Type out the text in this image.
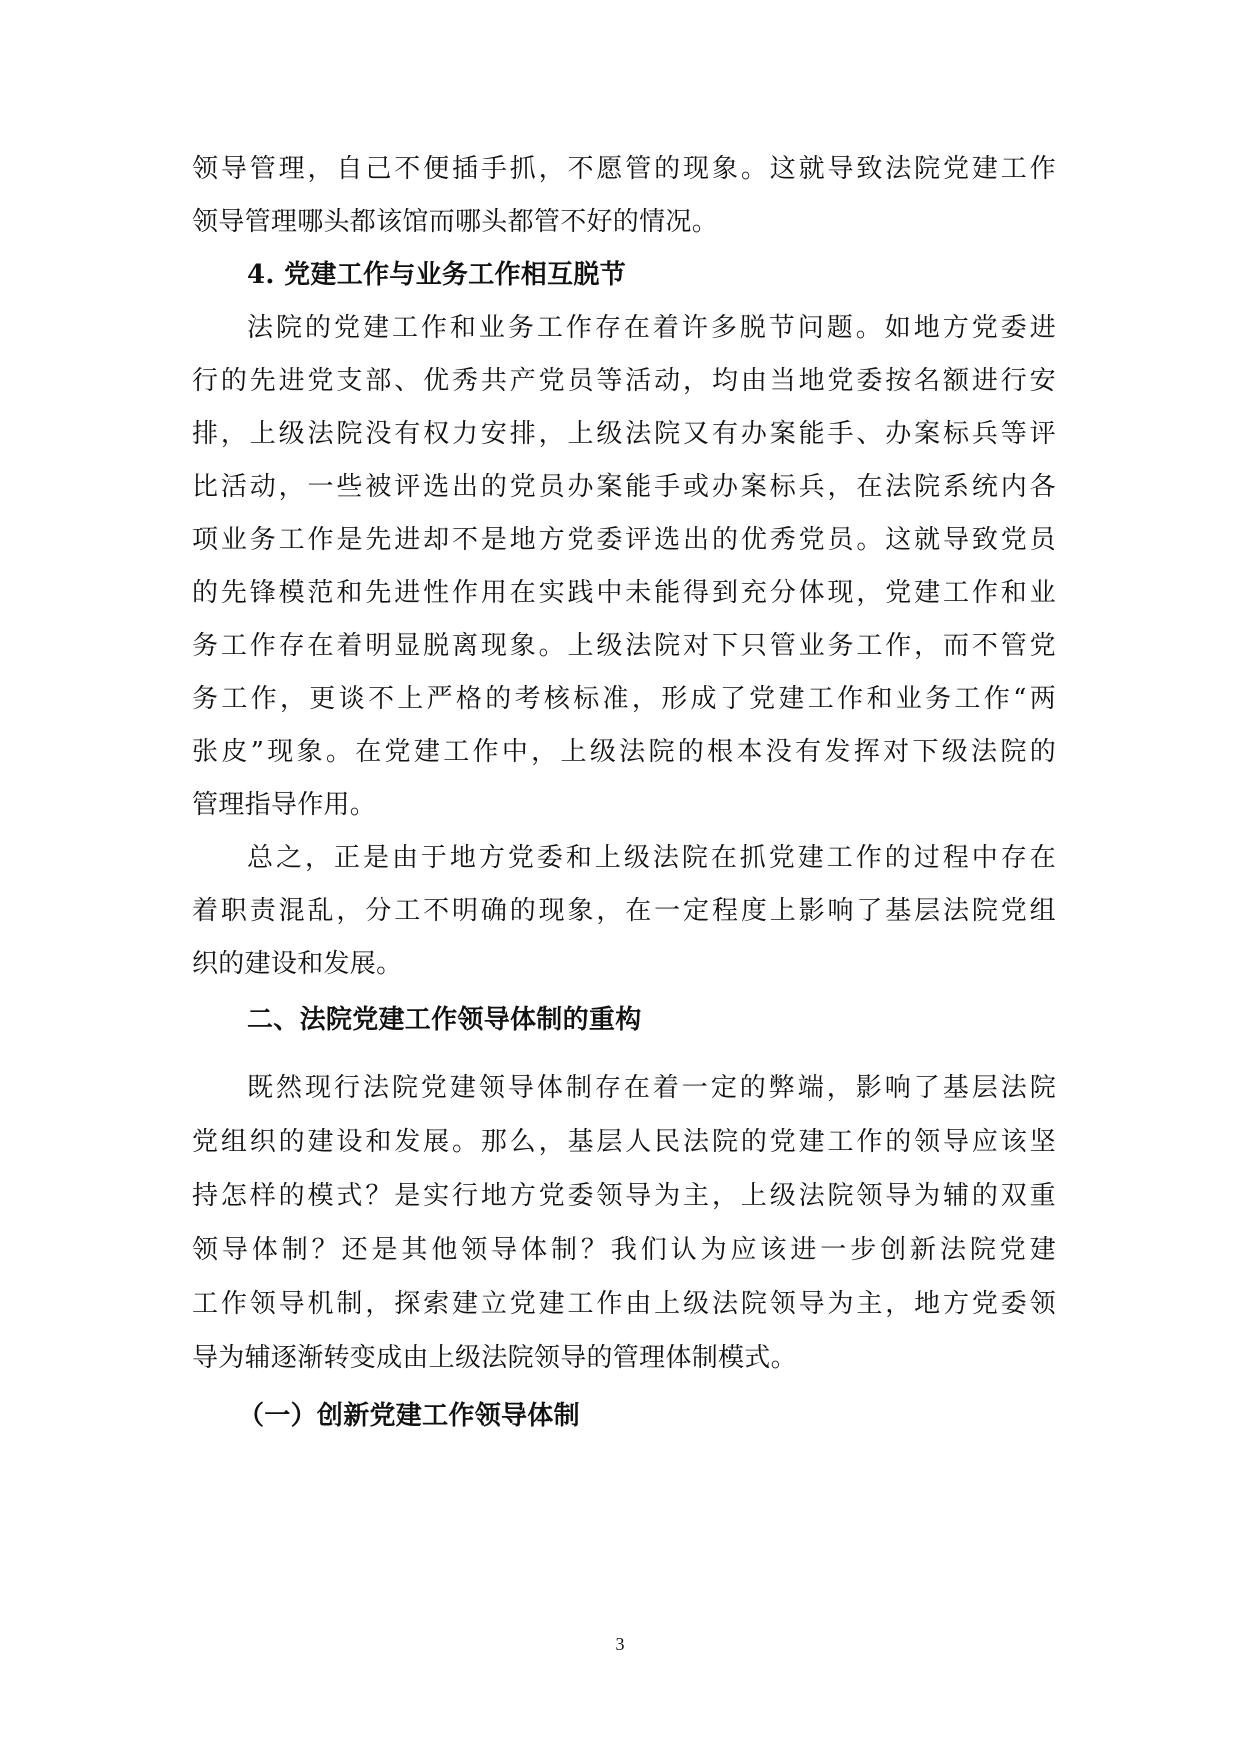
领导管理，自己不便插手抓，不愿管的现象。这就导致法院党建工作
领导管理哪头都该馆而哪头都管不好的情况。
4. 党建工作与业务工作相互脱节
法院的党建工作和业务工作存在着许多脱节问题。如地方党委进
行的先进党支部、优秀共产党员等活动，均由当地党委按名额进行安
排，上级法院没有权力安排，上级法院又有办案能手、办案标兵等评
比活动，一些被评选出的党员办案能手或办案标兵，在法院系统内各
项业务工作是先进却不是地方党委评选出的优秀党员。这就导致党员
的先锋模范和先进性作用在实践中未能得到充分体现，党建工作和业
务工作存在着明显脱离现象。上级法院对下只管业务工作，而不管党
务工作，更谈不上严格的考核标准，形成了党建工作和业务工作“两
张皮”现象。在党建工作中，上级法院的根本没有发挥对下级法院的
管理指导作用。
总之，正是由于地方党委和上级法院在抓党建工作的过程中存在
着职责混乱，分工不明确的现象，在一定程度上影响了基层法院党组
织的建设和发展。
二、法院党建工作领导体制的重构
既然现行法院党建领导体制存在着一定的弊端，影响了基层法院
党组织的建设和发展。那么，基层人民法院的党建工作的领导应该坚
持怎样的模式？是实行地方党委领导为主，上级法院领导为辅的双重
领导体制？还是其他领导体制？我们认为应该进一步创新法院党建
工作领导机制，探索建立党建工作由上级法院领导为主，地方党委领
导为辅逐渐转变成由上级法院领导的管理体制模式。
（一）创新党建工作领导体制
3
